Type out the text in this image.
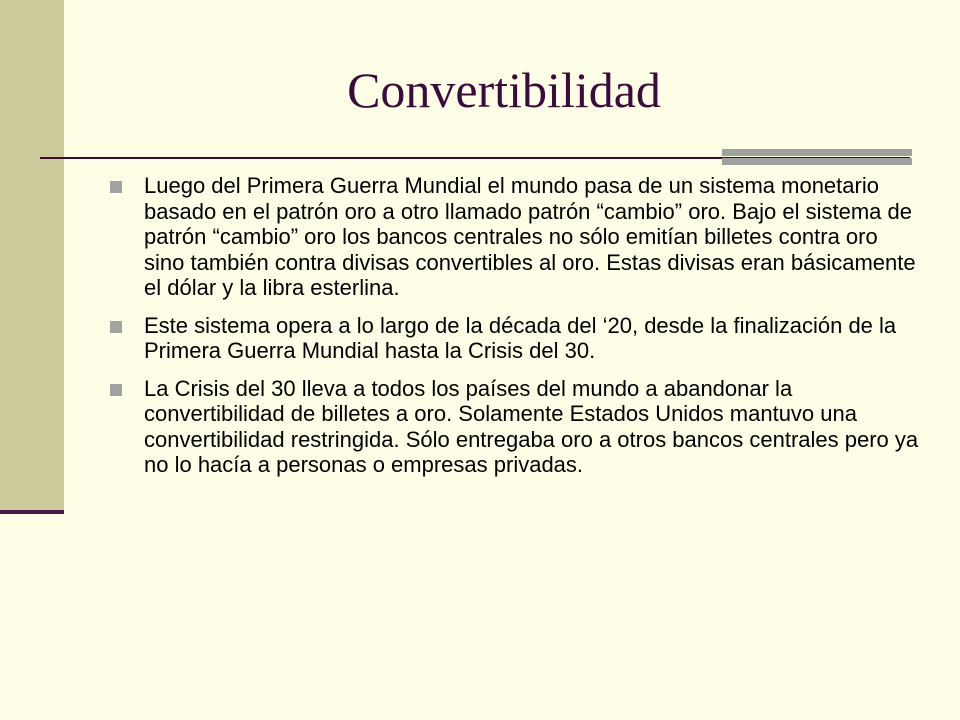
Convertibilidad
Luego del Primera Guerra Mundial el mundo pasa de un sistema monetario basado en el patrón oro a otro llamado patrón “cambio” oro. Bajo el sistema de patrón “cambio” oro los bancos centrales no sólo emitían billetes contra oro sino también contra divisas convertibles al oro. Estas divisas eran básicamente el dólar y la libra esterlina.
Este sistema opera a lo largo de la década del ‘20, desde la finalización de la Primera Guerra Mundial hasta la Crisis del 30.
La Crisis del 30 lleva a todos los países del mundo a abandonar la convertibilidad de billetes a oro. Solamente Estados Unidos mantuvo una convertibilidad restringida. Sólo entregaba oro a otros bancos centrales pero ya no lo hacía a personas o empresas privadas.
